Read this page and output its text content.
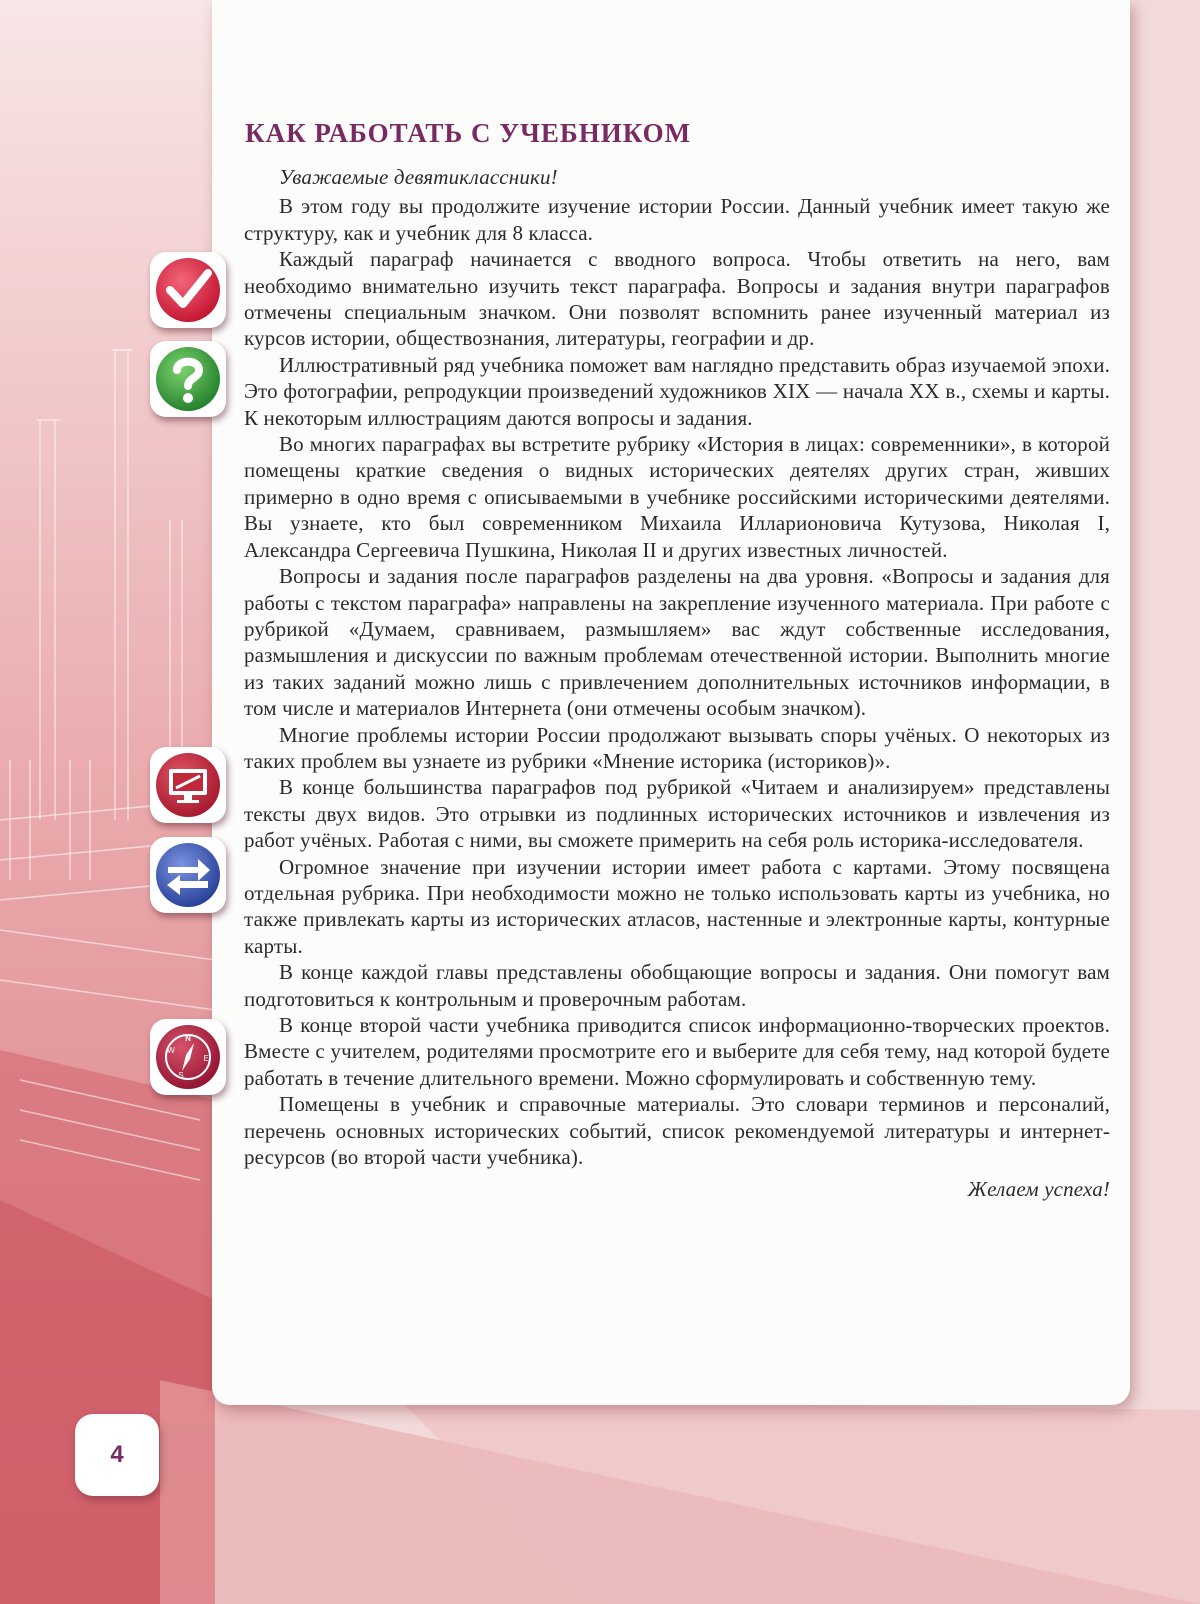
КАК РАБОТАТЬ С УЧЕБНИКОМ

Уважаемые девятиклассники!

В этом году вы продолжите изучение истории России. Данный учебник имеет такую же структуру, как и учебник для 8 класса.

Каждый параграф начинается с вводного вопроса. Чтобы ответить на него, вам необходимо внимательно изучить текст параграфа. Вопросы и задания внутри параграфов отмечены специальным значком. Они позволят вспомнить ранее изученный материал из курсов истории, обществознания, литературы, географии и др.

Иллюстративный ряд учебника поможет вам наглядно представить образ изучаемой эпохи. Это фотографии, репродукции произведений художников XIX — начала XX в., схемы и карты. К некоторым иллюстрациям даются вопросы и задания.

Во многих параграфах вы встретите рубрику «История в лицах: современники», в которой помещены краткие сведения о видных исторических деятелях других стран, живших примерно в одно время с описываемыми в учебнике российскими историческими деятелями. Вы узнаете, кто был современником Михаила Илларионовича Кутузова, Николая I, Александра Сергеевича Пушкина, Николая II и других известных личностей.

Вопросы и задания после параграфов разделены на два уровня. «Вопросы и задания для работы с текстом параграфа» направлены на закрепление изученного материала. При работе с рубрикой «Думаем, сравниваем, размышляем» вас ждут собственные исследования, размышления и дискуссии по важным проблемам отечественной истории. Выполнить многие из таких заданий можно лишь с привлечением дополнительных источников информации, в том числе и материалов Интернета (они отмечены особым значком).

Многие проблемы истории России продолжают вызывать споры учёных. О некоторых из таких проблем вы узнаете из рубрики «Мнение историка (историков)».

В конце большинства параграфов под рубрикой «Читаем и анализируем» представлены тексты двух видов. Это отрывки из подлинных исторических источников и извлечения из работ учёных. Работая с ними, вы сможете примерить на себя роль историка-исследователя.

Огромное значение при изучении истории имеет работа с картами. Этому посвящена отдельная рубрика. При необходимости можно не только использовать карты из учебника, но также привлекать карты из исторических атласов, настенные и электронные карты, контурные карты.

В конце каждой главы представлены обобщающие вопросы и задания. Они помогут вам подготовиться к контрольным и проверочным работам.

В конце второй части учебника приводится список информационно-творческих проектов. Вместе с учителем, родителями просмотрите его и выберите для себя тему, над которой будете работать в течение длительного времени. Можно сформулировать и собственную тему.

Помещены в учебник и справочные материалы. Это словари терминов и персоналий, перечень основных исторических событий, список рекомендуемой литературы и интернет-ресурсов (во второй части учебника).

Желаем успеха!

N
W
E
S
4
